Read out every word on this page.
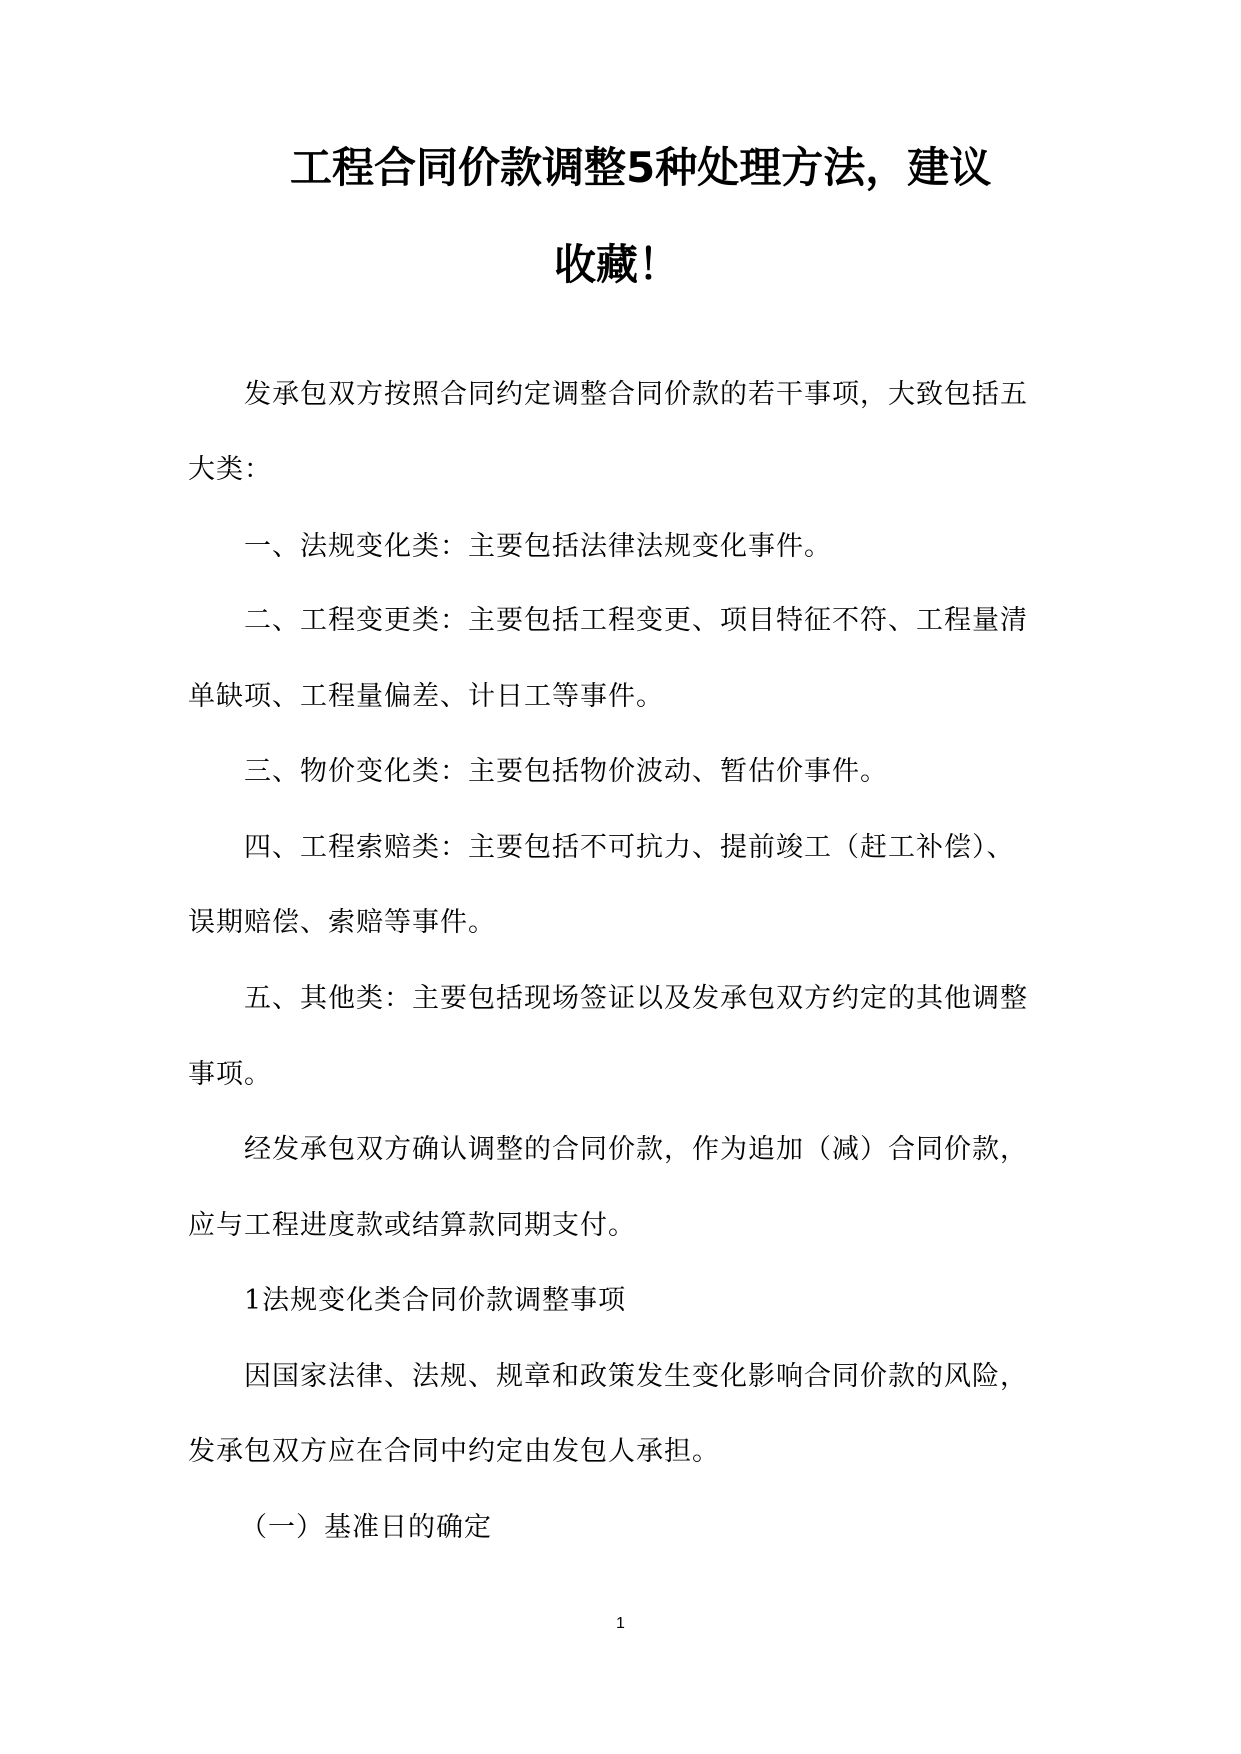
工程合同价款调整5种处理方法，建议
收藏！
发承包双方按照合同约定调整合同价款的若干事项，大致包括五
大类：
一、法规变化类：主要包括法律法规变化事件。
二、工程变更类：主要包括工程变更、项目特征不符、工程量清
单缺项、工程量偏差、计日工等事件。
三、物价变化类：主要包括物价波动、暂估价事件。
四、工程索赔类：主要包括不可抗力、提前竣工（赶工补偿）、
误期赔偿、索赔等事件。
五、其他类：主要包括现场签证以及发承包双方约定的其他调整
事项。
经发承包双方确认调整的合同价款，作为追加（减）合同价款，
应与工程进度款或结算款同期支付。
1法规变化类合同价款调整事项
因国家法律、法规、规章和政策发生变化影响合同价款的风险，
发承包双方应在合同中约定由发包人承担。
（一）基准日的确定
1
